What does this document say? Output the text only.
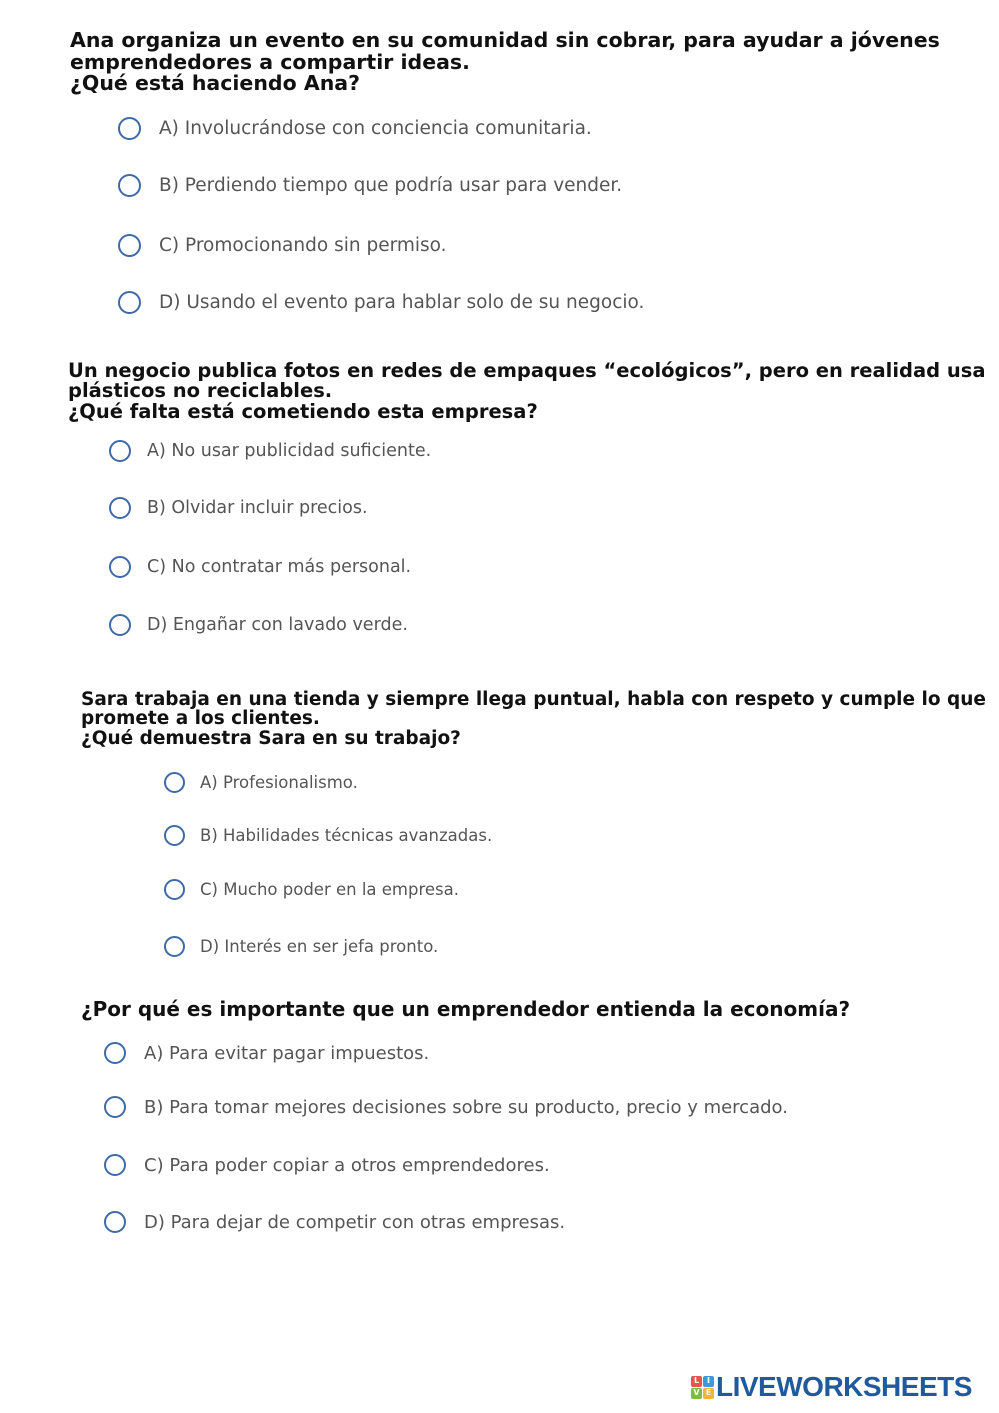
Ana organiza un evento en su comunidad sin cobrar, para ayudar a jóvenes
emprendedores a compartir ideas.
¿Qué está haciendo Ana?

A) Involucrándose con conciencia comunitaria.
B) Perdiendo tiempo que podría usar para vender.
C) Promocionando sin permiso.
D) Usando el evento para hablar solo de su negocio.

Un negocio publica fotos en redes de empaques “ecológicos”, pero en realidad usa
plásticos no reciclables.
¿Qué falta está cometiendo esta empresa?

A) No usar publicidad suficiente.
B) Olvidar incluir precios.
C) No contratar más personal.
D) Engañar con lavado verde.

Sara trabaja en una tienda y siempre llega puntual, habla con respeto y cumple lo que
promete a los clientes.
¿Qué demuestra Sara en su trabajo?

A) Profesionalismo.
B) Habilidades técnicas avanzadas.
C) Mucho poder en la empresa.
D) Interés en ser jefa pronto.

¿Por qué es importante que un emprendedor entienda la economía?

A) Para evitar pagar impuestos.
B) Para tomar mejores decisiones sobre su producto, precio y mercado.
C) Para poder copiar a otros emprendedores.
D) Para dejar de competir con otras empresas.
L I
V E LIVEWORKSHEETS
